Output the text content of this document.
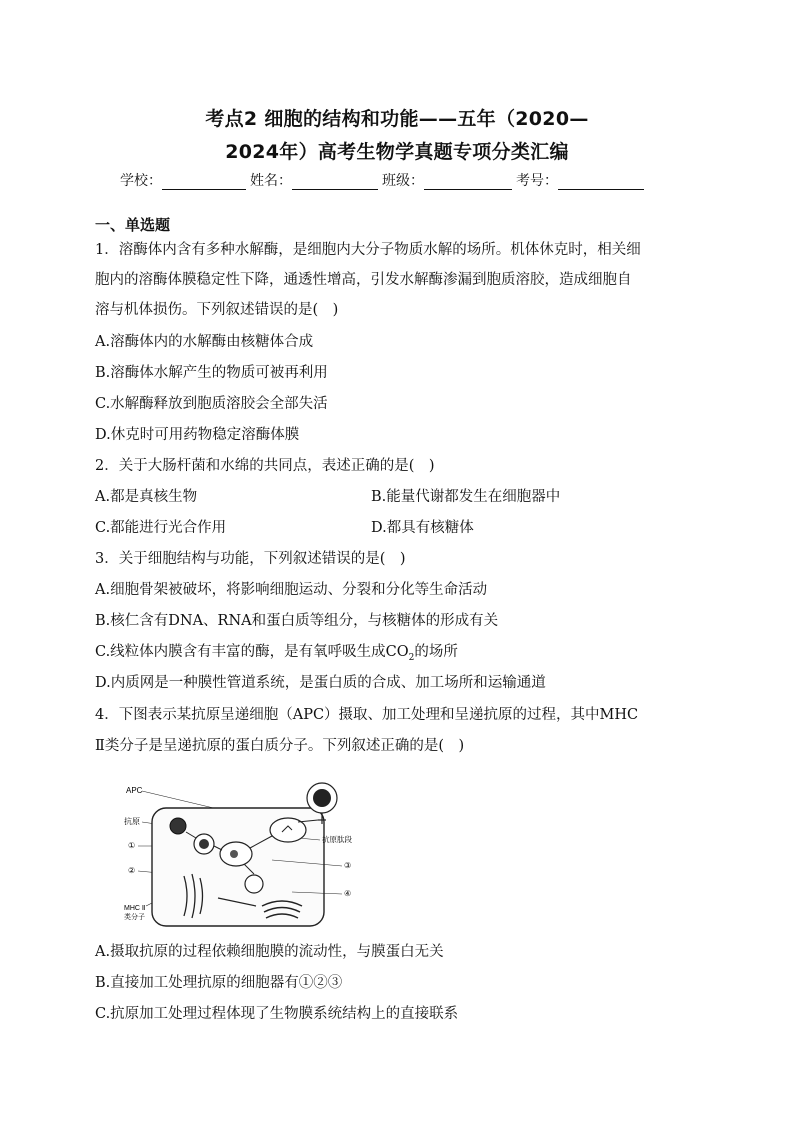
考点2 细胞的结构和功能——五年（2020—
2024年）高考生物学真题专项分类汇编
学校：	姓名：	班级：	考号：
一、单选题
1．溶酶体内含有多种水解酶，是细胞内大分子物质水解的场所。机体休克时，相关细
胞内的溶酶体膜稳定性下降，通透性增高，引发水解酶渗漏到胞质溶胶，造成细胞自
溶与机体损伤。下列叙述错误的是(　)
A.溶酶体内的水解酶由核糖体合成
B.溶酶体水解产生的物质可被再利用
C.水解酶释放到胞质溶胶会全部失活
D.休克时可用药物稳定溶酶体膜
2．关于大肠杆菌和水绵的共同点，表述正确的是(　)
A.都是真核生物	B.能量代谢都发生在细胞器中
C.都能进行光合作用	D.都具有核糖体
3．关于细胞结构与功能，下列叙述错误的是(　)
A.细胞骨架被破坏，将影响细胞运动、分裂和分化等生命活动
B.核仁含有DNA、RNA和蛋白质等组分，与核糖体的形成有关
C.线粒体内膜含有丰富的酶，是有氧呼吸生成$CO_2$的场所
D.内质网是一种膜性管道系统，是蛋白质的合成、加工场所和运输通道
4．下图表示某抗原呈递细胞（APC）摄取、加工处理和呈递抗原的过程，其中MHC
Ⅱ类分子是呈递抗原的蛋白质分子。下列叙述正确的是(　)
APC
抗原
①
②
MHC Ⅱ
类分子
抗原肽段
③
④
A.摄取抗原的过程依赖细胞膜的流动性，与膜蛋白无关
B.直接加工处理抗原的细胞器有①②③
C.抗原加工处理过程体现了生物膜系统结构上的直接联系
